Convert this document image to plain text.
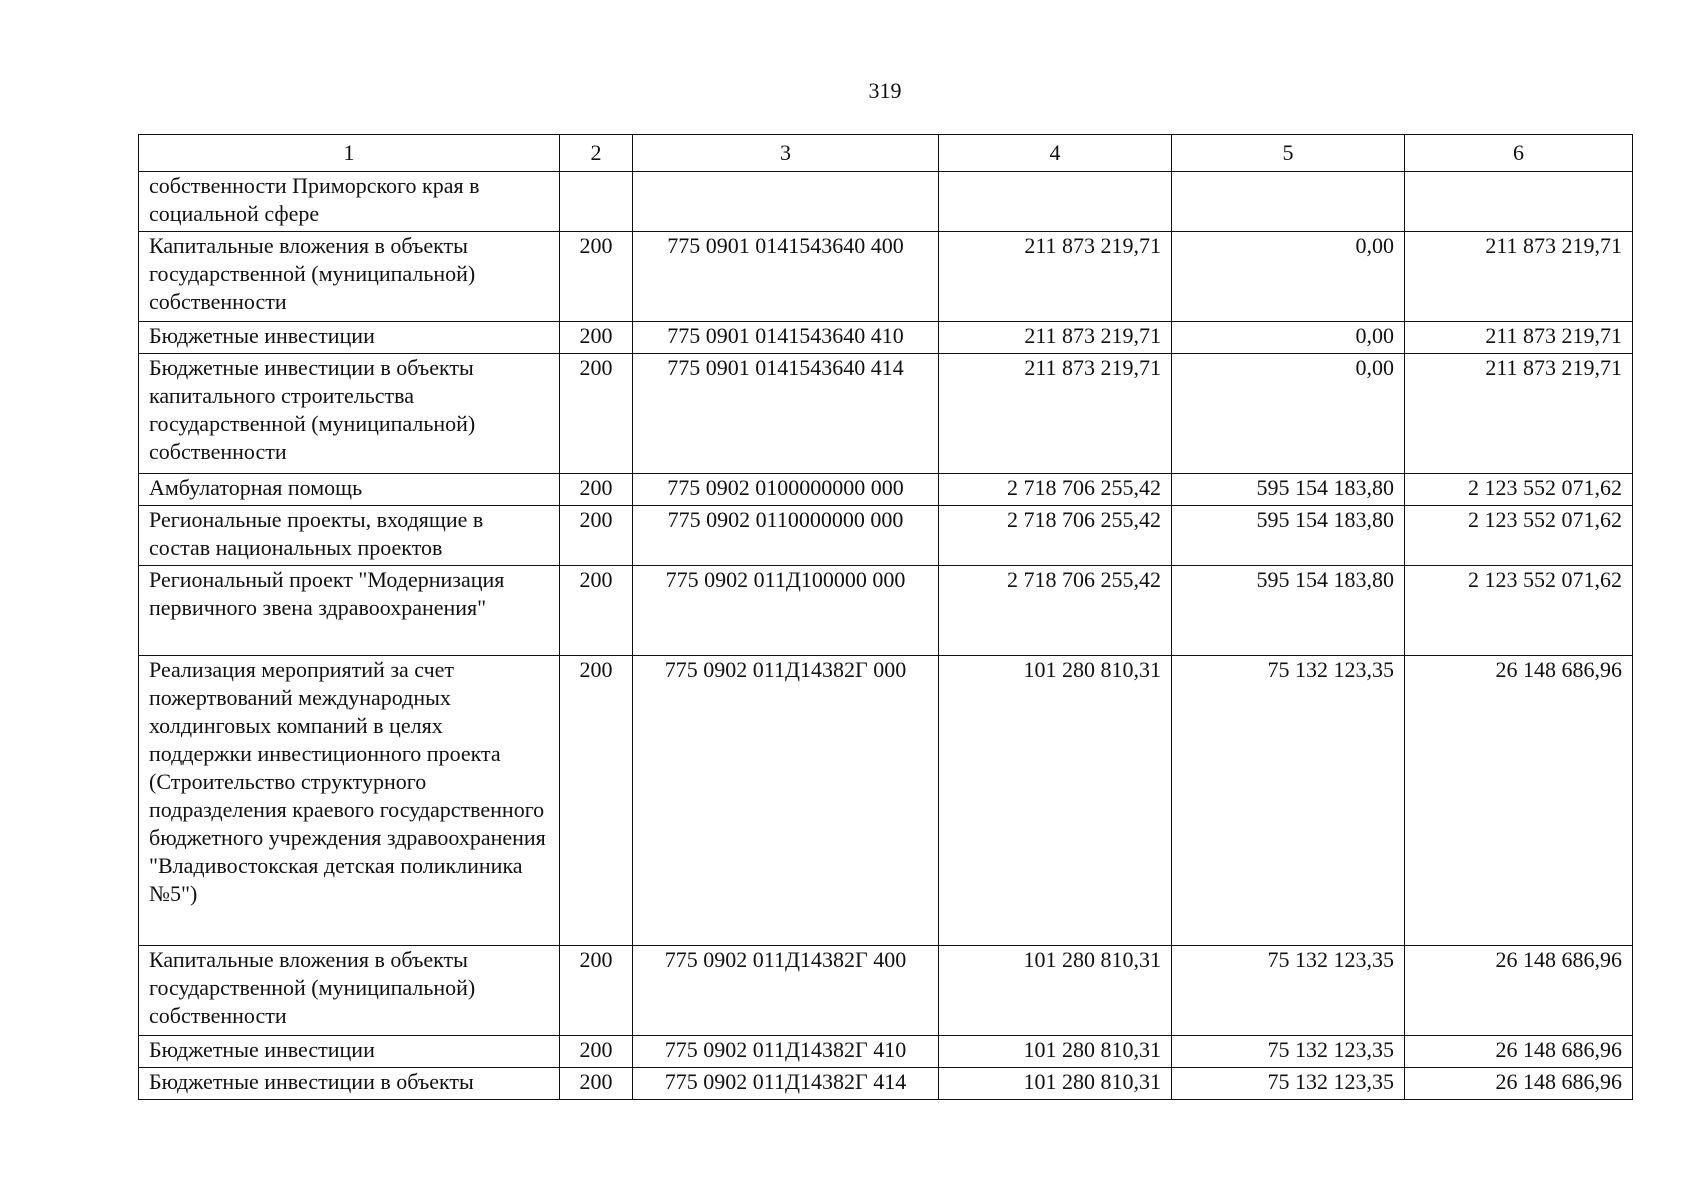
319
1	2	3	4	5	6
собственности Приморского края в социальной сфере					
Капитальные вложения в объекты государственной (муниципальной) собственности	200	775 0901 0141543640 400	211 873 219,71	0,00	211 873 219,71
Бюджетные инвестиции	200	775 0901 0141543640 410	211 873 219,71	0,00	211 873 219,71
Бюджетные инвестиции в объекты капитального строительства государственной (муниципальной) собственности	200	775 0901 0141543640 414	211 873 219,71	0,00	211 873 219,71
Амбулаторная помощь	200	775 0902 0100000000 000	2 718 706 255,42	595 154 183,80	2 123 552 071,62
Региональные проекты, входящие в состав национальных проектов	200	775 0902 0110000000 000	2 718 706 255,42	595 154 183,80	2 123 552 071,62
Региональный проект "Модернизация первичного звена здравоохранения"	200	775 0902 011Д100000 000	2 718 706 255,42	595 154 183,80	2 123 552 071,62
Реализация мероприятий за счет пожертвований международных холдинговых компаний в целях поддержки инвестиционного проекта (Строительство структурного подразделения краевого государственного бюджетного учреждения здравоохранения "Владивостокская детская поликлиника №5")	200	775 0902 011Д14382Г 000	101 280 810,31	75 132 123,35	26 148 686,96
Капитальные вложения в объекты государственной (муниципальной) собственности	200	775 0902 011Д14382Г 400	101 280 810,31	75 132 123,35	26 148 686,96
Бюджетные инвестиции	200	775 0902 011Д14382Г 410	101 280 810,31	75 132 123,35	26 148 686,96
Бюджетные инвестиции в объекты	200	775 0902 011Д14382Г 414	101 280 810,31	75 132 123,35	26 148 686,96
